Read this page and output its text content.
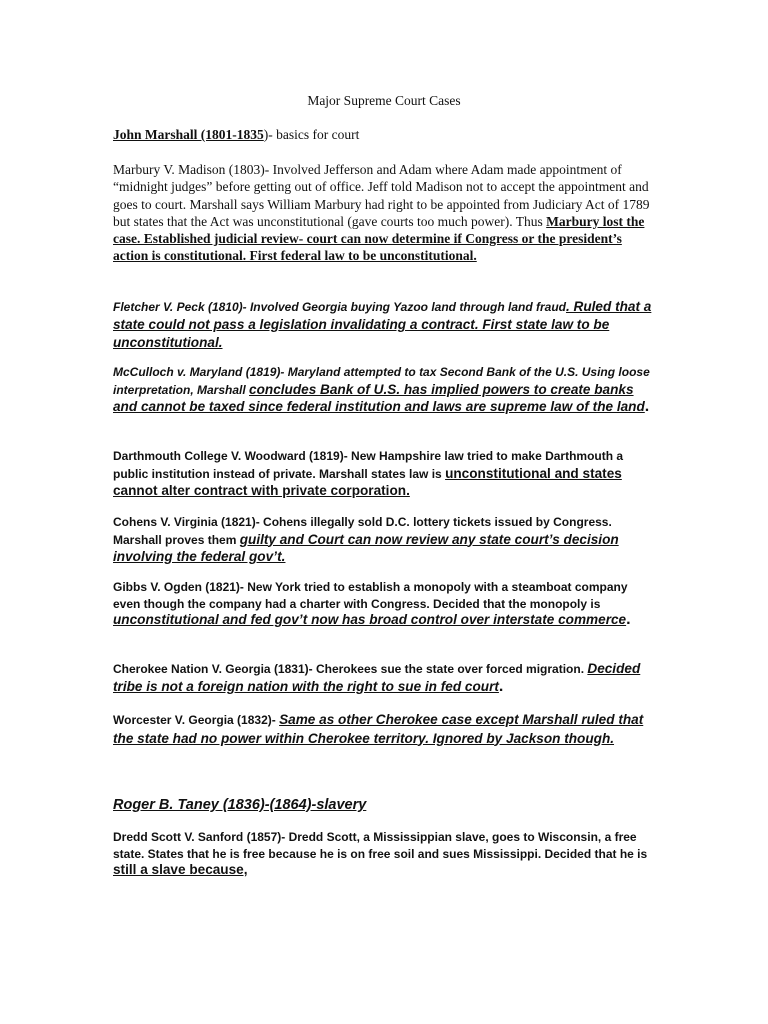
Major Supreme Court Cases
John Marshall (1801-1835)- basics for court
Marbury V. Madison (1803)- Involved Jefferson and Adam where Adam made appointment of “midnight judges” before getting out of office. Jeff told Madison not to accept the appointment and goes to court. Marshall says William Marbury had right to be appointed from Judiciary Act of 1789 but states that the Act was unconstitutional (gave courts too much power). Thus Marbury lost the case. Established judicial review- court can now determine if Congress or the president’s action is constitutional. First federal law to be unconstitutional.
Fletcher V. Peck (1810)- Involved Georgia buying Yazoo land through land fraud. Ruled that a state could not pass a legislation invalidating a contract. First state law to be unconstitutional.
McCulloch v. Maryland (1819)- Maryland attempted to tax Second Bank of the U.S. Using loose interpretation, Marshall concludes Bank of U.S. has implied powers to create banks and cannot be taxed since federal institution and laws are supreme law of the land.
Darthmouth College V. Woodward (1819)- New Hampshire law tried to make Darthmouth a public institution instead of private. Marshall states law is unconstitutional and states cannot alter contract with private corporation.
Cohens V. Virginia (1821)- Cohens illegally sold D.C. lottery tickets issued by Congress. Marshall proves them guilty and Court can now review any state court’s decision involving the federal gov’t.
Gibbs V. Ogden (1821)- New York tried to establish a monopoly with a steamboat company even though the company had a charter with Congress. Decided that the monopoly is unconstitutional and fed gov’t now has broad control over interstate commerce.
Cherokee Nation V. Georgia (1831)- Cherokees sue the state over forced migration. Decided tribe is not a foreign nation with the right to sue in fed court.
Worcester V. Georgia (1832)- Same as other Cherokee case except Marshall ruled that the state had no power within Cherokee territory. Ignored by Jackson though.
Roger B. Taney (1836)-(1864)-slavery
Dredd Scott V. Sanford (1857)- Dredd Scott, a Mississippian slave, goes to Wisconsin, a free state. States that he is free because he is on free soil and sues Mississippi. Decided that he is still a slave because,
